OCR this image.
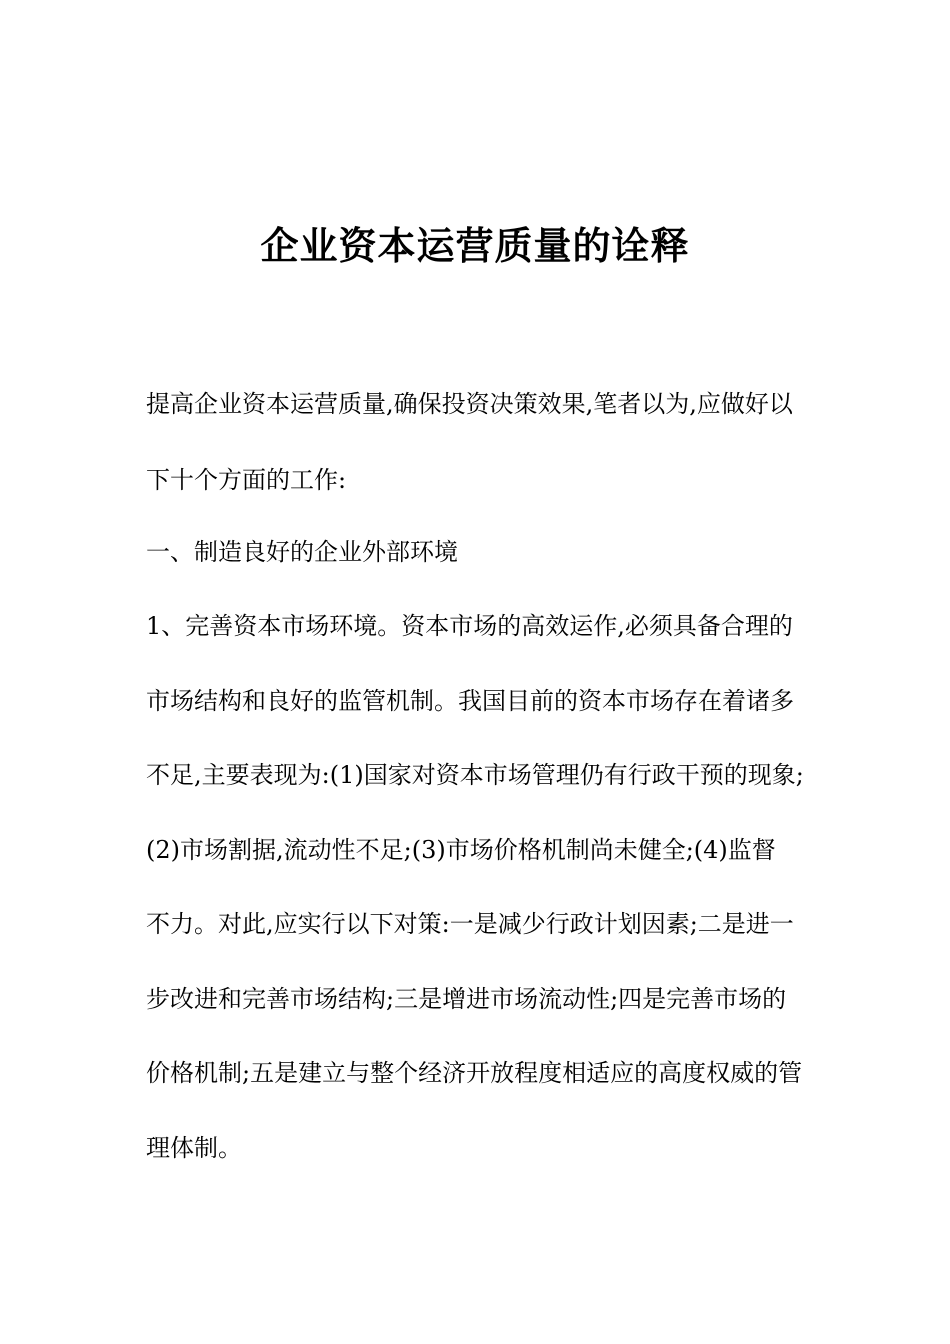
企业资本运营质量的诠释

提高企业资本运营质量,确保投资决策效果,笔者以为,应做好以

下十个方面的工作:

一、制造良好的企业外部环境

1、完善资本市场环境。资本市场的高效运作,必须具备合理的

市场结构和良好的监管机制。我国目前的资本市场存在着诸多

不足,主要表现为:(1)国家对资本市场管理仍有行政干预的现象;

(2)市场割据,流动性不足;(3)市场价格机制尚未健全;(4)监督

不力。对此,应实行以下对策:一是减少行政计划因素;二是进一

步改进和完善市场结构;三是增进市场流动性;四是完善市场的

价格机制;五是建立与整个经济开放程度相适应的高度权威的管

理体制。
